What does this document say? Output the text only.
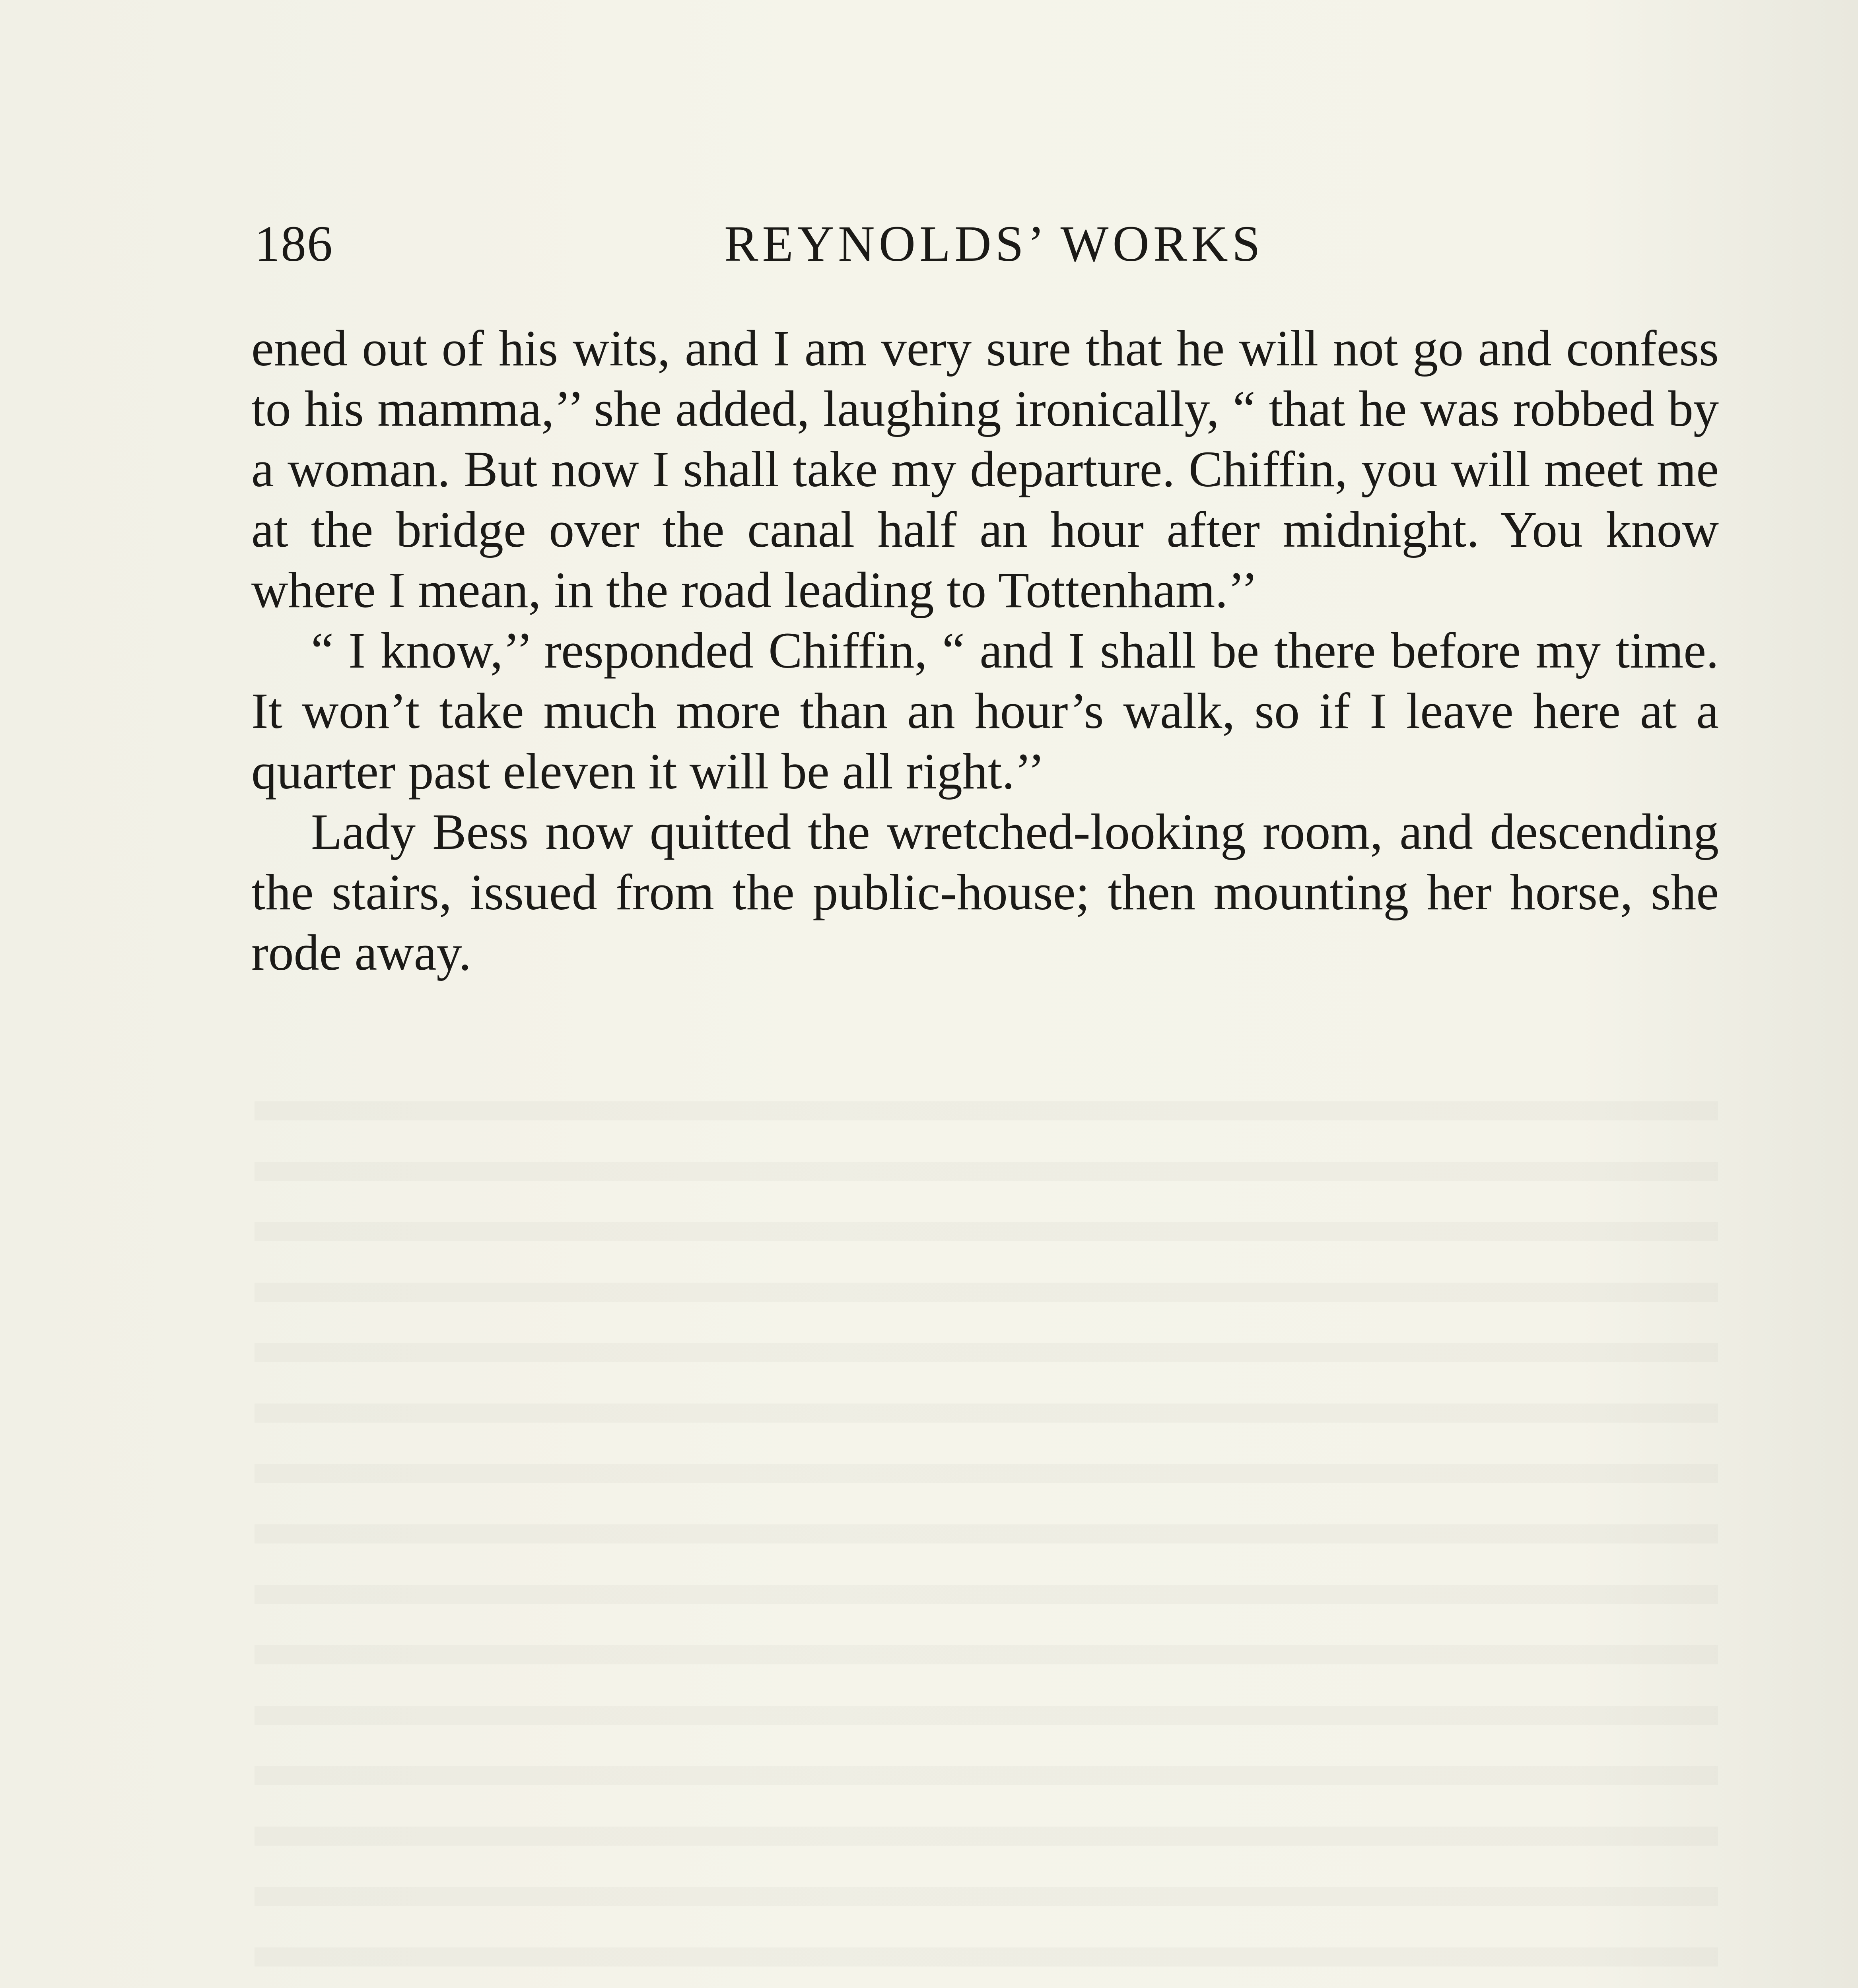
186	REYNOLDS’ WORKS

ened out of his wits, and I am very sure that he will not go and confess to his mamma,’’ she added, laughing ironically, “ that he was robbed by a woman. But now I shall take my departure. Chiffin, you will meet me at the bridge over the canal half an hour after midnight. You know where I mean, in the road leading to Tottenham.’’

“ I know,’’ responded Chiffin, “ and I shall be there before my time. It won’t take much more than an hour’s walk, so if I leave here at a quarter past eleven it will be all right.’’

Lady Bess now quitted the wretched-looking room, and descending the stairs, issued from the public-house; then mounting her horse, she rode away.
